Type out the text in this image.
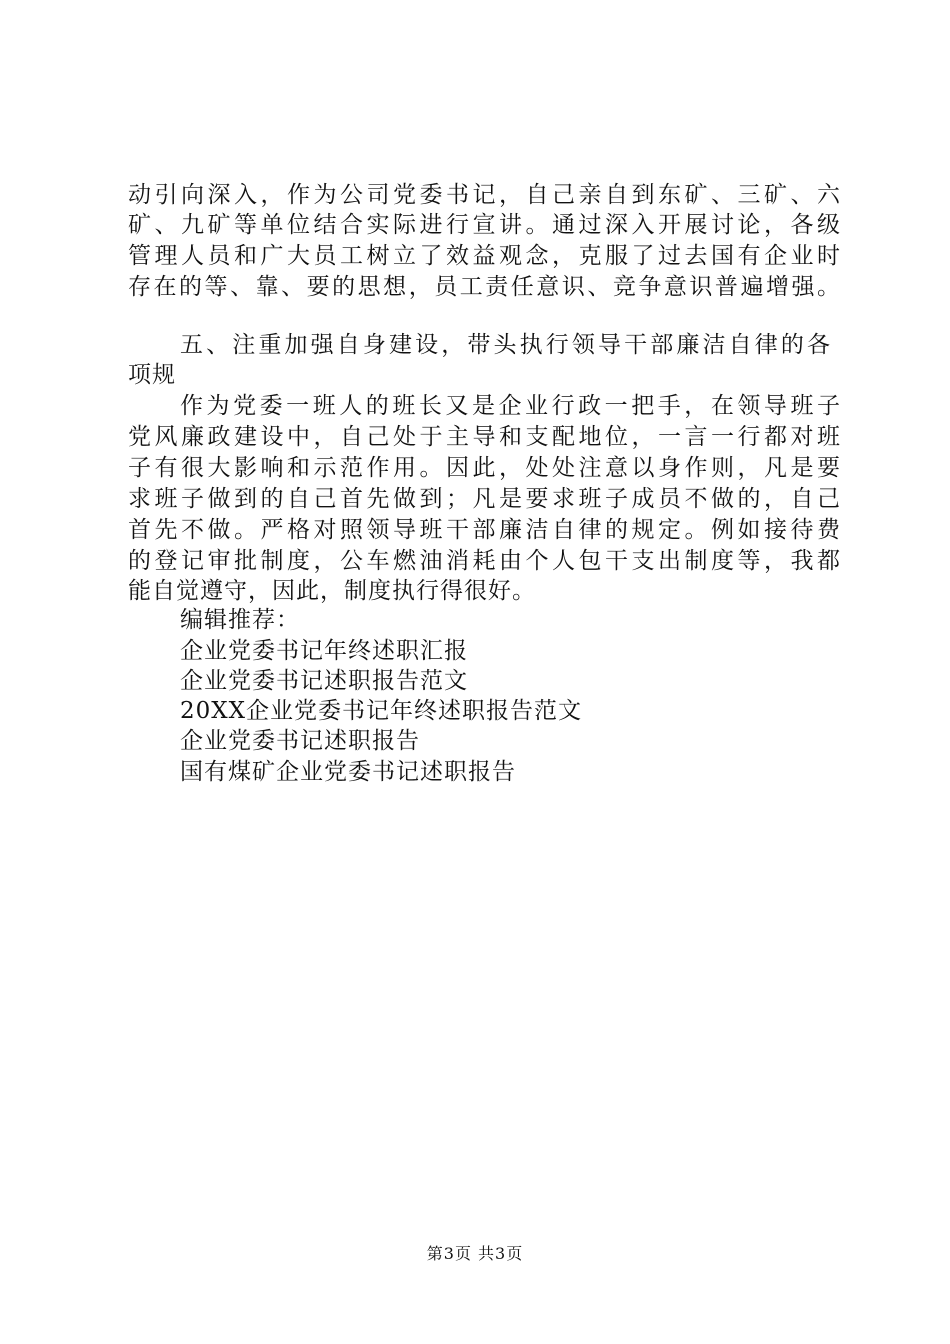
动引向深入，作为公司党委书记，自己亲自到东矿、三矿、六
矿、九矿等单位结合实际进行宣讲。通过深入开展讨论，各级
管理人员和广大员工树立了效益观念，克服了过去国有企业时
存在的等、靠、要的思想，员工责任意识、竞争意识普遍增强。
五、注重加强自身建设，带头执行领导干部廉洁自律的各
项规
作为党委一班人的班长又是企业行政一把手，在领导班子
党风廉政建设中，自己处于主导和支配地位，一言一行都对班
子有很大影响和示范作用。因此，处处注意以身作则，凡是要
求班子做到的自己首先做到；凡是要求班子成员不做的，自己
首先不做。严格对照领导班干部廉洁自律的规定。例如接待费
的登记审批制度，公车燃油消耗由个人包干支出制度等，我都
能自觉遵守，因此，制度执行得很好。
编辑推荐：
企业党委书记年终述职汇报
企业党委书记述职报告范文
20XX企业党委书记年终述职报告范文
企业党委书记述职报告
国有煤矿企业党委书记述职报告
第3页 共3页
